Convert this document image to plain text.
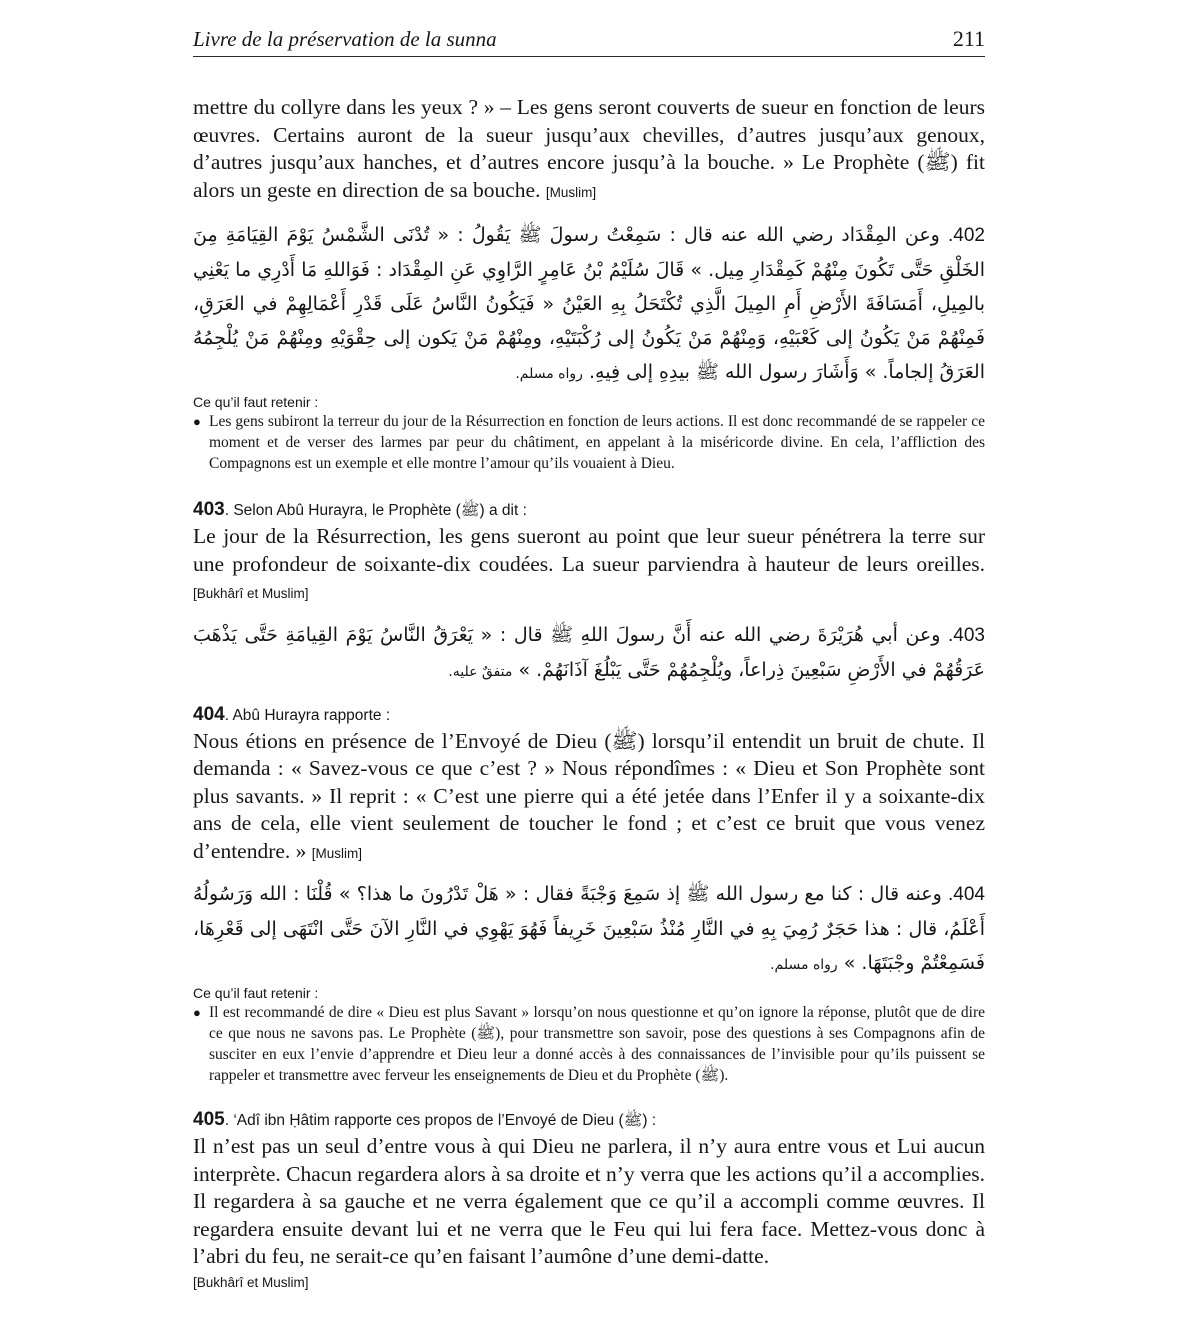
Livre de la préservation de la sunna	211

mettre du collyre dans les yeux ? » – Les gens seront couverts de sueur en fonction de leurs œuvres. Certains auront de la sueur jusqu’aux chevilles, d’autres jusqu’aux genoux, d’autres jusqu’aux hanches, et d’autres encore jusqu’à la bouche. » Le Prophète (ﷺ) fit alors un geste en direction de sa bouche. [Muslim]

402. وعن المِقْدَاد رضي الله عنه قال : سَمِعْتُ رسولَ ﷺ يَقُولُ : « تُدْنَى الشَّمْسُ يَوْمَ القِيَامَةِ مِنَ الخَلْقِ حَتَّى تَكُونَ مِنْهُمْ كَمِقْدَارِ مِيل. » قَالَ سُلَيْمُ بْنُ عَامِرٍ الرَّاوِي عَنِ المِقْدَاد : فَوَاللهِ مَا أَدْرِي ما يَعْنِي بالمِيلِ، أَمَسَافَةَ الأَرْضِ أَمِ المِيلَ الَّذِي تُكْتَحَلُ بِهِ العَيْنُ « فَيَكُونُ النَّاسُ عَلَى قَدْرِ أَعْمَالِهِمْ في العَرَقِ، فَمِنْهُمْ مَنْ يَكُونُ إلى كَعْبَيْهِ، وَمِنْهُمْ مَنْ يَكُونُ إلى رُكْبَتَيْهِ، ومِنْهُمْ مَنْ يَكون إلى حِقْوَيْهِ ومِنْهُمْ مَنْ يُلْجِمُهُ العَرَقُ إلجاماً. » وَأَشَارَ رسول الله ﷺ بيدِهِ إلى فِيهِ. رواه مسلم.

Ce qu’il faut retenir :

● Les gens subiront la terreur du jour de la Résurrection en fonction de leurs actions. Il est donc recommandé de se rappeler ce moment et de verser des larmes par peur du châtiment, en appelant à la miséricorde divine. En cela, l’affliction des Compagnons est un exemple et elle montre l’amour qu’ils vouaient à Dieu.

403. Selon Abû Hurayra, le Prophète (ﷺ) a dit :

Le jour de la Résurrection, les gens sueront au point que leur sueur pénétrera la terre sur une profondeur de soixante-dix coudées. La sueur parviendra à hauteur de leurs oreilles. [Bukhârî et Muslim]

403. وعن أبي هُرَيْرَةَ رضي الله عنه أَنَّ رسولَ اللهِ ﷺ قال : « يَعْرَقُ النَّاسُ يَوْمَ القِيامَةِ حَتَّى يَذْهَبَ عَرَقُهُمْ في الأَرْضِ سَبْعِينَ ذِراعاً، ويُلْجِمُهُمْ حَتَّى يَبْلُغَ آذَانَهُمْ. » متفقٌ عليه.

404. Abû Hurayra rapporte :

Nous étions en présence de l’Envoyé de Dieu (ﷺ) lorsqu’il entendit un bruit de chute. Il demanda : « Savez-vous ce que c’est ? » Nous répondîmes : « Dieu et Son Prophète sont plus savants. » Il reprit : « C’est une pierre qui a été jetée dans l’Enfer il y a soixante-dix ans de cela, elle vient seulement de toucher le fond ; et c’est ce bruit que vous venez d’entendre. » [Muslim]

404. وعنه قال : كنا مع رسول الله ﷺ إذ سَمِعَ وَجْبَةً فقال : « هَلْ تَدْرُونَ ما هذا؟ » قُلْنَا : الله وَرَسُولُهُ أَعْلَمُ، قال : هذا حَجَرٌ رُمِيَ بِهِ في النَّارِ مُنْذُ سَبْعِينَ خَرِيفاً فَهُوَ يَهْوِي في النَّارِ الآنَ حَتَّى انْتَهَى إلى قَعْرِهَا، فَسَمِعْتُمْ وجْبَتَهَا. » رواه مسلم.

Ce qu’il faut retenir :

● Il est recommandé de dire « Dieu est plus Savant » lorsqu’on nous questionne et qu’on ignore la réponse, plutôt que de dire ce que nous ne savons pas. Le Prophète (ﷺ), pour transmettre son savoir, pose des questions à ses Compagnons afin de susciter en eux l’envie d’apprendre et Dieu leur a donné accès à des connaissances de l’invisible pour qu’ils puissent se rappeler et transmettre avec ferveur les enseignements de Dieu et du Prophète (ﷺ).

405. ‘Adî ibn Ḥâtim rapporte ces propos de l’Envoyé de Dieu (ﷺ) :

Il n’est pas un seul d’entre vous à qui Dieu ne parlera, il n’y aura entre vous et Lui aucun interprète. Chacun regardera alors à sa droite et n’y verra que les actions qu’il a accomplies. Il regardera à sa gauche et ne verra également que ce qu’il a accompli comme œuvres. Il regardera ensuite devant lui et ne verra que le Feu qui lui fera face. Mettez-vous donc à l’abri du feu, ne serait-ce qu’en faisant l’aumône d’une demi-datte.

[Bukhârî et Muslim]
